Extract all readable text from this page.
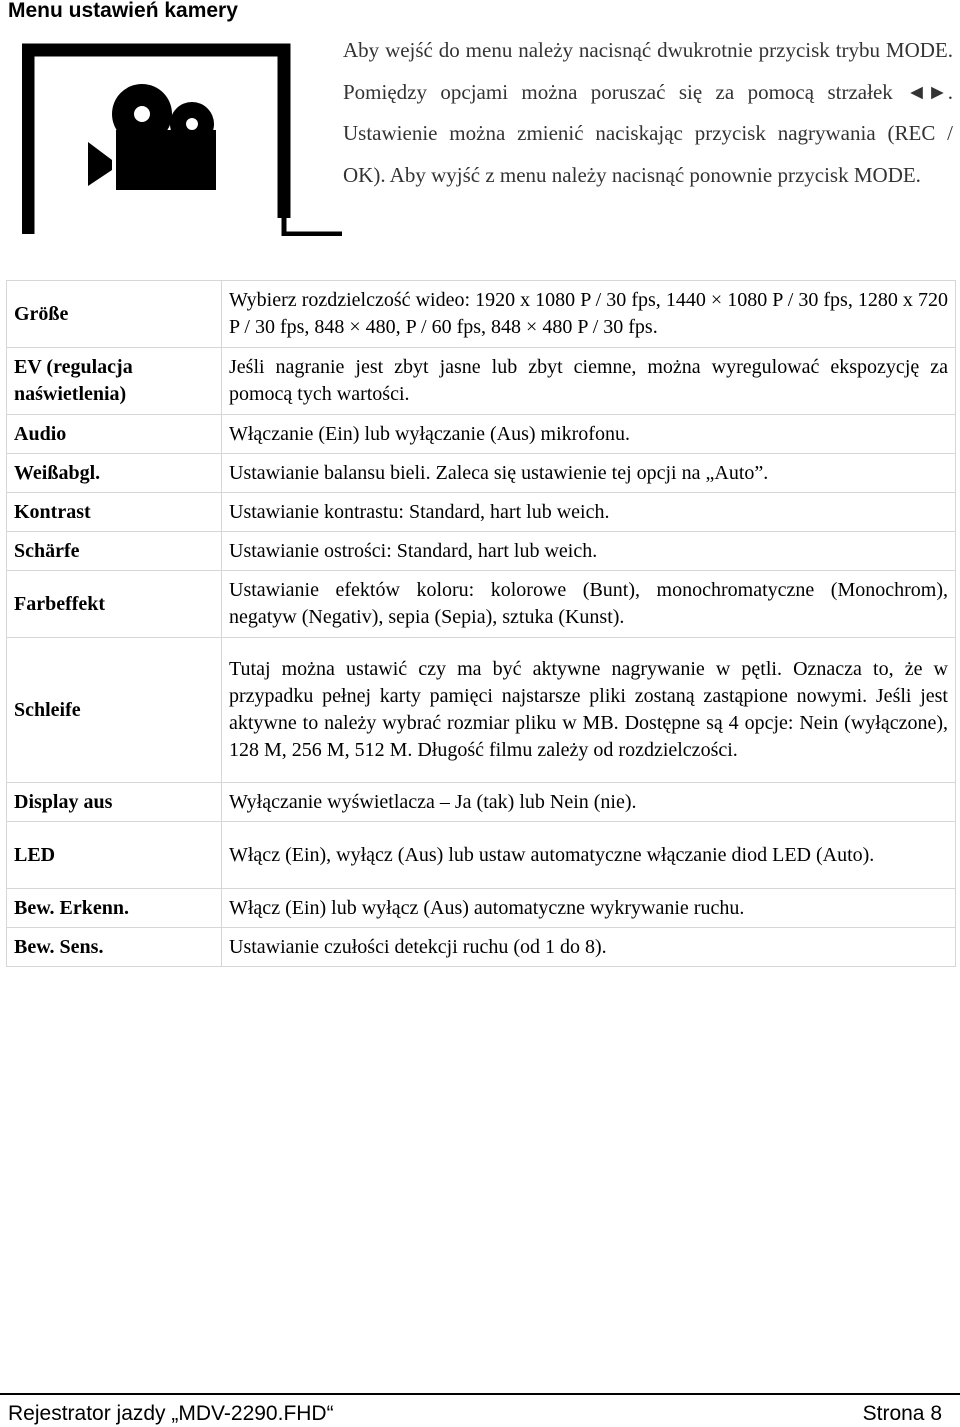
Menu ustawień kamery

Aby wejść do menu należy nacisnąć dwukrotnie przycisk trybu MODE. Pomiędzy opcjami można poruszać się za pomocą strzałek ◄►. Ustawienie można zmienić naciskając przycisk nagrywania (REC / OK). Aby wyjść z menu należy nacisnąć ponownie przycisk MODE.

Größe	Wybierz rozdzielczość wideo: 1920 x 1080 P / 30 fps, 1440 × 1080 P / 30 fps, 1280 x 720 P / 30 fps, 848 × 480, P / 60 fps, 848 × 480 P / 30 fps.
EV (regulacja naświetlenia)	Jeśli nagranie jest zbyt jasne lub zbyt ciemne, można wyregulować ekspozycję za pomocą tych wartości.
Audio	Włączanie (Ein) lub wyłączanie (Aus) mikrofonu.
Weißabgl.	Ustawianie balansu bieli. Zaleca się ustawienie tej opcji na „Auto”.
Kontrast	Ustawianie kontrastu: Standard, hart lub weich.
Schärfe	Ustawianie ostrości: Standard, hart lub weich.
Farbeffekt	Ustawianie efektów koloru: kolorowe (Bunt), monochromatyczne (Monochrom), negatyw (Negativ), sepia (Sepia), sztuka (Kunst).
Schleife	Tutaj można ustawić czy ma być aktywne nagrywanie w pętli. Oznacza to, że w przypadku pełnej karty pamięci najstarsze pliki zostaną zastąpione nowymi. Jeśli jest aktywne to należy wybrać rozmiar pliku w MB. Dostępne są 4 opcje: Nein (wyłączone), 128 M, 256 M, 512 M. Długość filmu zależy od rozdzielczości.
Display aus	Wyłączanie wyświetlacza – Ja (tak) lub Nein (nie).
LED	Włącz (Ein), wyłącz (Aus) lub ustaw automatyczne włączanie diod LED (Auto).
Bew. Erkenn.	Włącz (Ein) lub wyłącz (Aus) automatyczne wykrywanie ruchu.
Bew. Sens.	Ustawianie czułości detekcji ruchu (od 1 do 8).
Rejestrator jazdy „MDV-2290.FHD“	Strona 8
